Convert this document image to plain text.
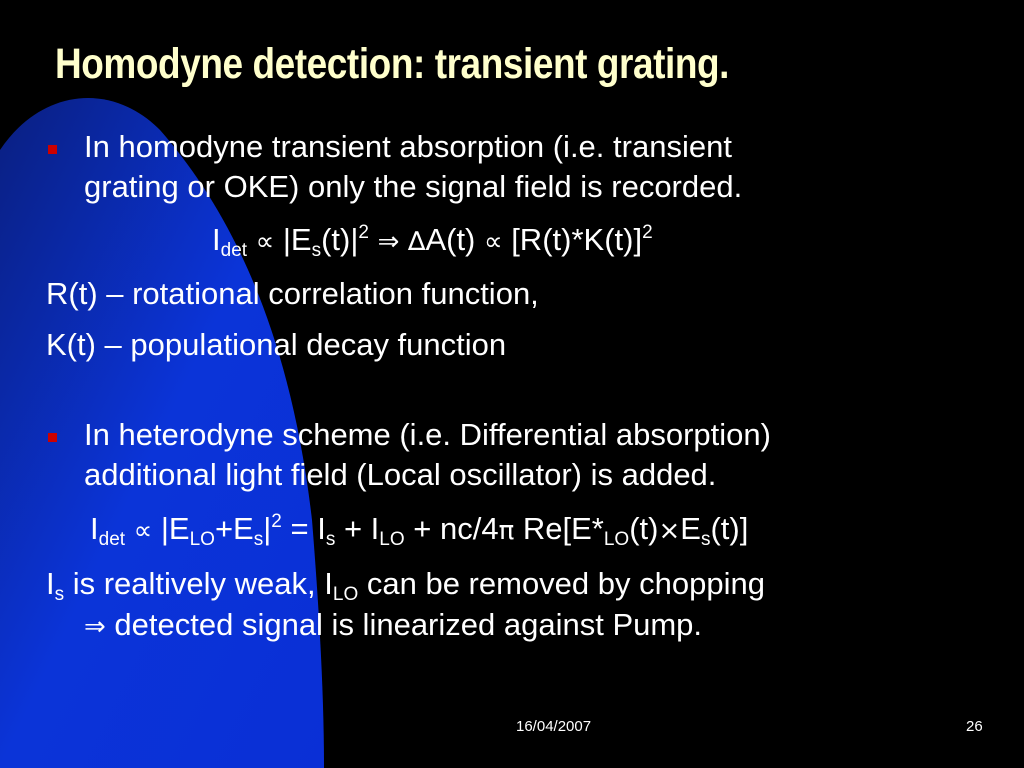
Homodyne detection: transient grating.
In homodyne transient absorption (i.e. transient
grating or OKE) only the signal field is recorded.
$I_{det} \propto |E_s(t)|^2$ ⇒ $\Delta A(t) \propto [R(t)*K(t)]^2$
R(t) – rotational correlation function,
K(t) – populational decay function
In heterodyne scheme (i.e. Differential absorption)
additional light field (Local oscillator) is added.
$I_{det} \propto |E_{LO}+E_s|^2 = I_s + I_{LO} + nc/4\pi$ $Re[E*_{LO}(t)\times E_s(t)]$
$I_s$ is realtively weak, $I_{LO}$ can be removed by chopping
⇒ detected signal is linearized against Pump.
16/04/2007	26
